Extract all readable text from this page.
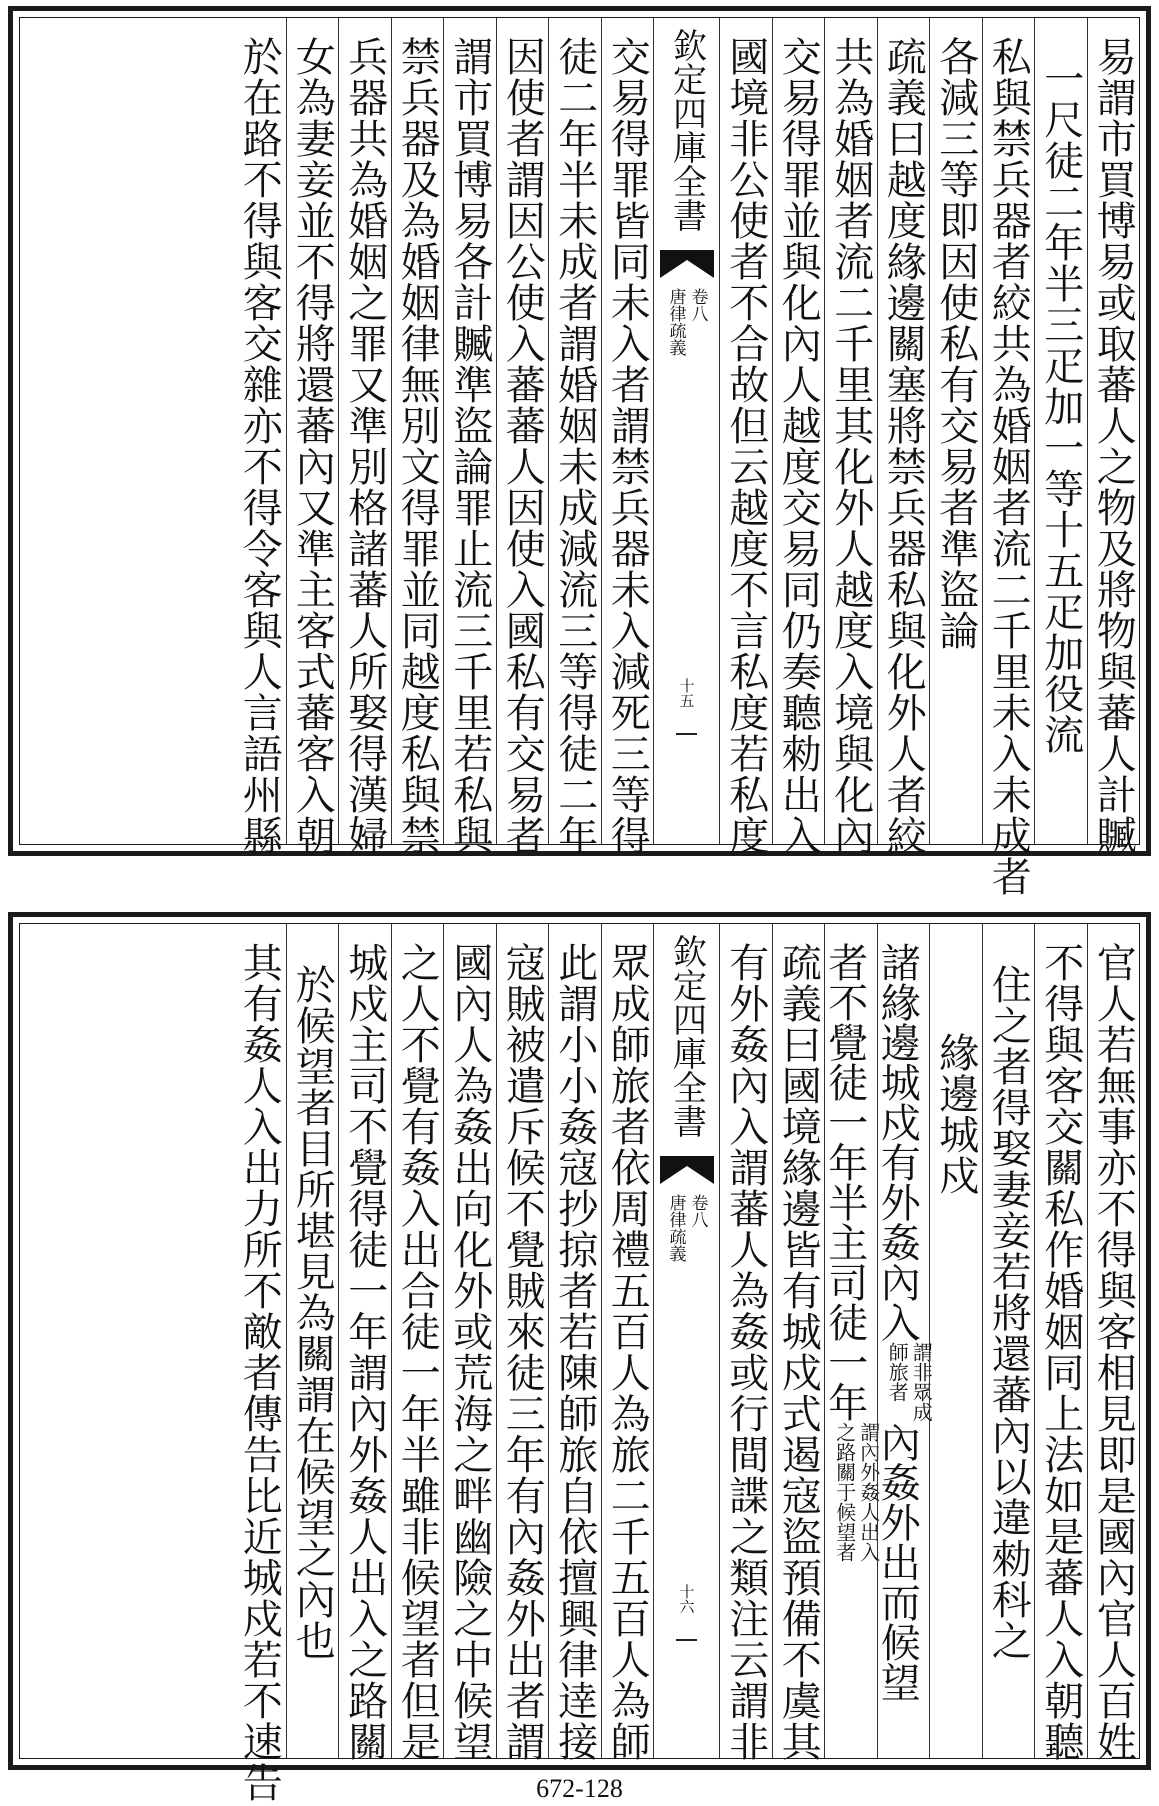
易謂市買博易或取蕃人之物及將物與蕃人計贓
一尺徒二年半三疋加一等十五疋加役流
私與禁兵器者絞共為婚姻者流二千里未入未成者
各減三等即因使私有交易者準盜論
疏義曰越度緣邊關塞將禁兵器私與化外人者絞
共為婚姻者流二千里其化外人越度入境與化內
交易得罪並與化內人越度交易同仍奏聽勑出入
國境非公使者不合故但云越度不言私度若私度
欽定四庫全書
唐律疏義 卷八
十五
交易得罪皆同未入者謂禁兵器未入減死三等得
徒二年半未成者謂婚姻未成減流三等得徒二年
因使者謂因公使入蕃蕃人因使入國私有交易者
謂市買博易各計贓準盜論罪止流三千里若私與
禁兵器及為婚姻律無別文得罪並同越度私與禁
兵器共為婚姻之罪又準別格諸蕃人所娶得漢婦
女為妻妾並不得將還蕃內又準主客式蕃客入朝
於在路不得與客交雜亦不得令客與人言語州縣
官人若無事亦不得與客相見即是國內官人百姓
不得與客交關私作婚姻同上法如是蕃人入朝聽
住之者得娶妻妾若將還蕃內以違勑科之
緣邊城戍
諸緣邊城戍有外姦內入謂非眾成
師旅者內姦外出而候望
者不覺徒一年半主司徒一年謂內外姦人出入
之路關于候望者
疏義曰國境緣邊皆有城戍式遏寇盜預備不虞其
有外姦內入謂蕃人為姦或行間諜之類注云謂非
欽定四庫全書
唐律疏義 卷八
十六
眾成師旅者依周禮五百人為旅二千五百人為師
此謂小小姦寇抄掠者若陳師旅自依擅興律逹接
寇賊被遣斥候不覺賊來徒三年有內姦外出者謂
國內人為姦出向化外或荒海之畔幽險之中候望
之人不覺有姦入出合徒一年半雖非候望者但是
城戍主司不覺得徒一年謂內外姦人出入之路關
於候望者目所堪見為關謂在候望之內也
其有姦人入出力所不敵者傳告比近城戍若不速告	672-128
